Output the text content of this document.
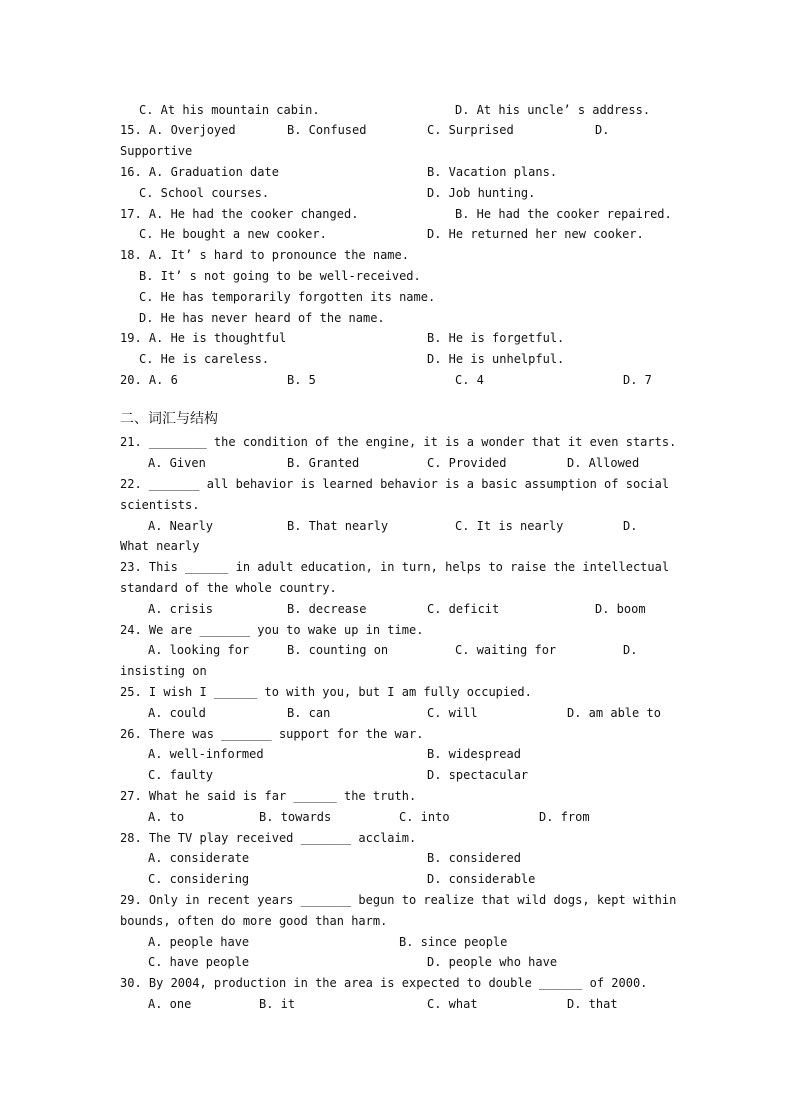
C. At his mountain cabin.	D. At his uncle’ s address.
15. A. Overjoyed	B. Confused	C. Surprised	D.
Supportive
16. A. Graduation date	B. Vacation plans.
C. School courses.	D. Job hunting.
17. A. He had the cooker changed.	B. He had the cooker repaired.
C. He bought a new cooker.	D. He returned her new cooker.
18. A. It’ s hard to pronounce the name.
B. It’ s not going to be well-received.
C. He has temporarily forgotten its name.
D. He has never heard of the name.
19. A. He is thoughtful	B. He is forgetful.
C. He is careless.	D. He is unhelpful.
20. A. 6	B. 5	C. 4	D. 7
二、词汇与结构
21. ________ the condition of the engine, it is a wonder that it even starts.
A. Given	B. Granted	C. Provided	D. Allowed
22. _______ all behavior is learned behavior is a basic assumption of social
scientists.
A. Nearly	B. That nearly	C. It is nearly	D.
What nearly
23. This ______ in adult education, in turn, helps to raise the intellectual
standard of the whole country.
A. crisis	B. decrease	C. deficit	D. boom
24. We are _______ you to wake up in time.
A. looking for	B. counting on	C. waiting for	D.
insisting on
25. I wish I ______ to with you, but I am fully occupied.
A. could	B. can	C. will	D. am able to
26. There was _______ support for the war.
A. well-informed	B. widespread
C. faulty	D. spectacular
27. What he said is far ______ the truth.
A. to	B. towards	C. into	D. from
28. The TV play received _______ acclaim.
A. considerate	B. considered
C. considering	D. considerable
29. Only in recent years _______ begun to realize that wild dogs, kept within
bounds, often do more good than harm.
A. people have	B. since people
C. have people	D. people who have
30. By 2004, production in the area is expected to double ______ of 2000.
A. one	B. it	C. what	D. that
